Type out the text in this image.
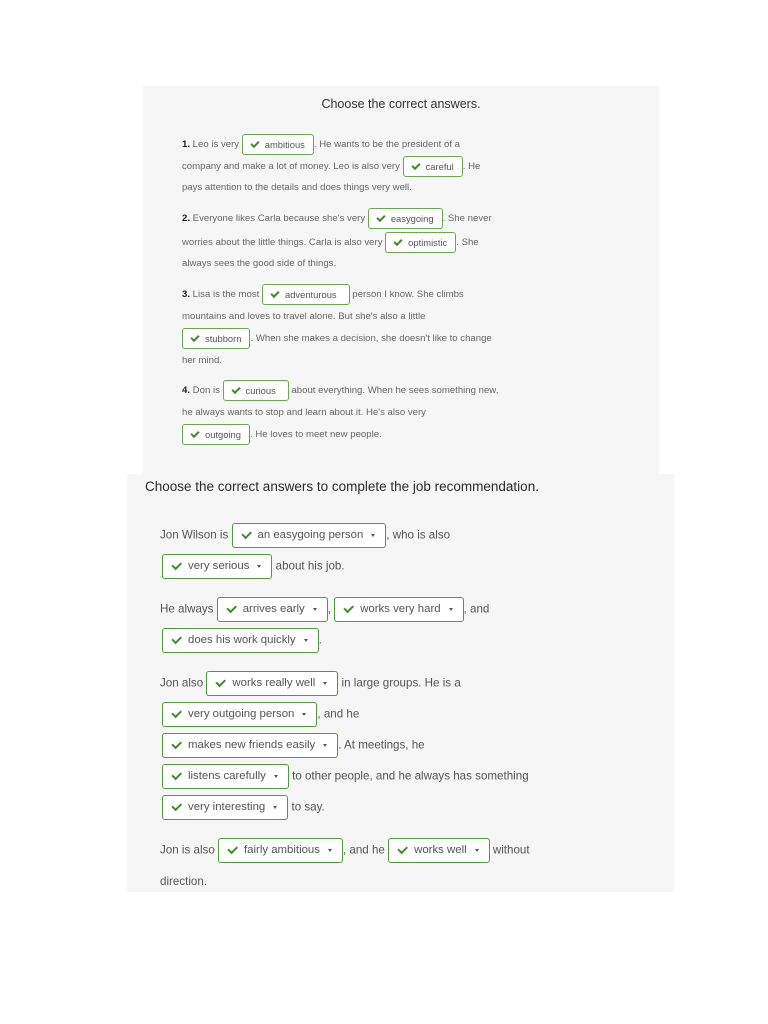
Choose the correct answers.
1. Leo is very
ambitious . He wants to be the president of a
company and make a lot of money. Leo is also very
careful . He
pays attention to the details and does things very well.
2. Everyone likes Carla because she's very
easygoing . She never
worries about the little things. Carla is also very
optimistic . She
always sees the good side of things.
3. Lisa is the most
adventurous person I know. She climbs
mountains and loves to travel alone. But she's also a little
stubborn . When she makes a decision, she doesn't like to change
her mind.
4. Don is
curious about everything. When he sees something new,
he always wants to stop and learn about it. He's also very
outgoing . He loves to meet new people.
Choose the correct answers to complete the job recommendation.
Jon Wilson is
an easygoing person , who is also
very serious
about his job.
He always
arrives early ,
works very hard , and
does his work quickly .
Jon also
works really well
in large groups. He is a
very outgoing person , and he
makes new friends easily . At meetings, he
listens carefully
to other people, and he always has something
very interesting
to say.
Jon is also
fairly ambitious , and he
works well
without
direction.
